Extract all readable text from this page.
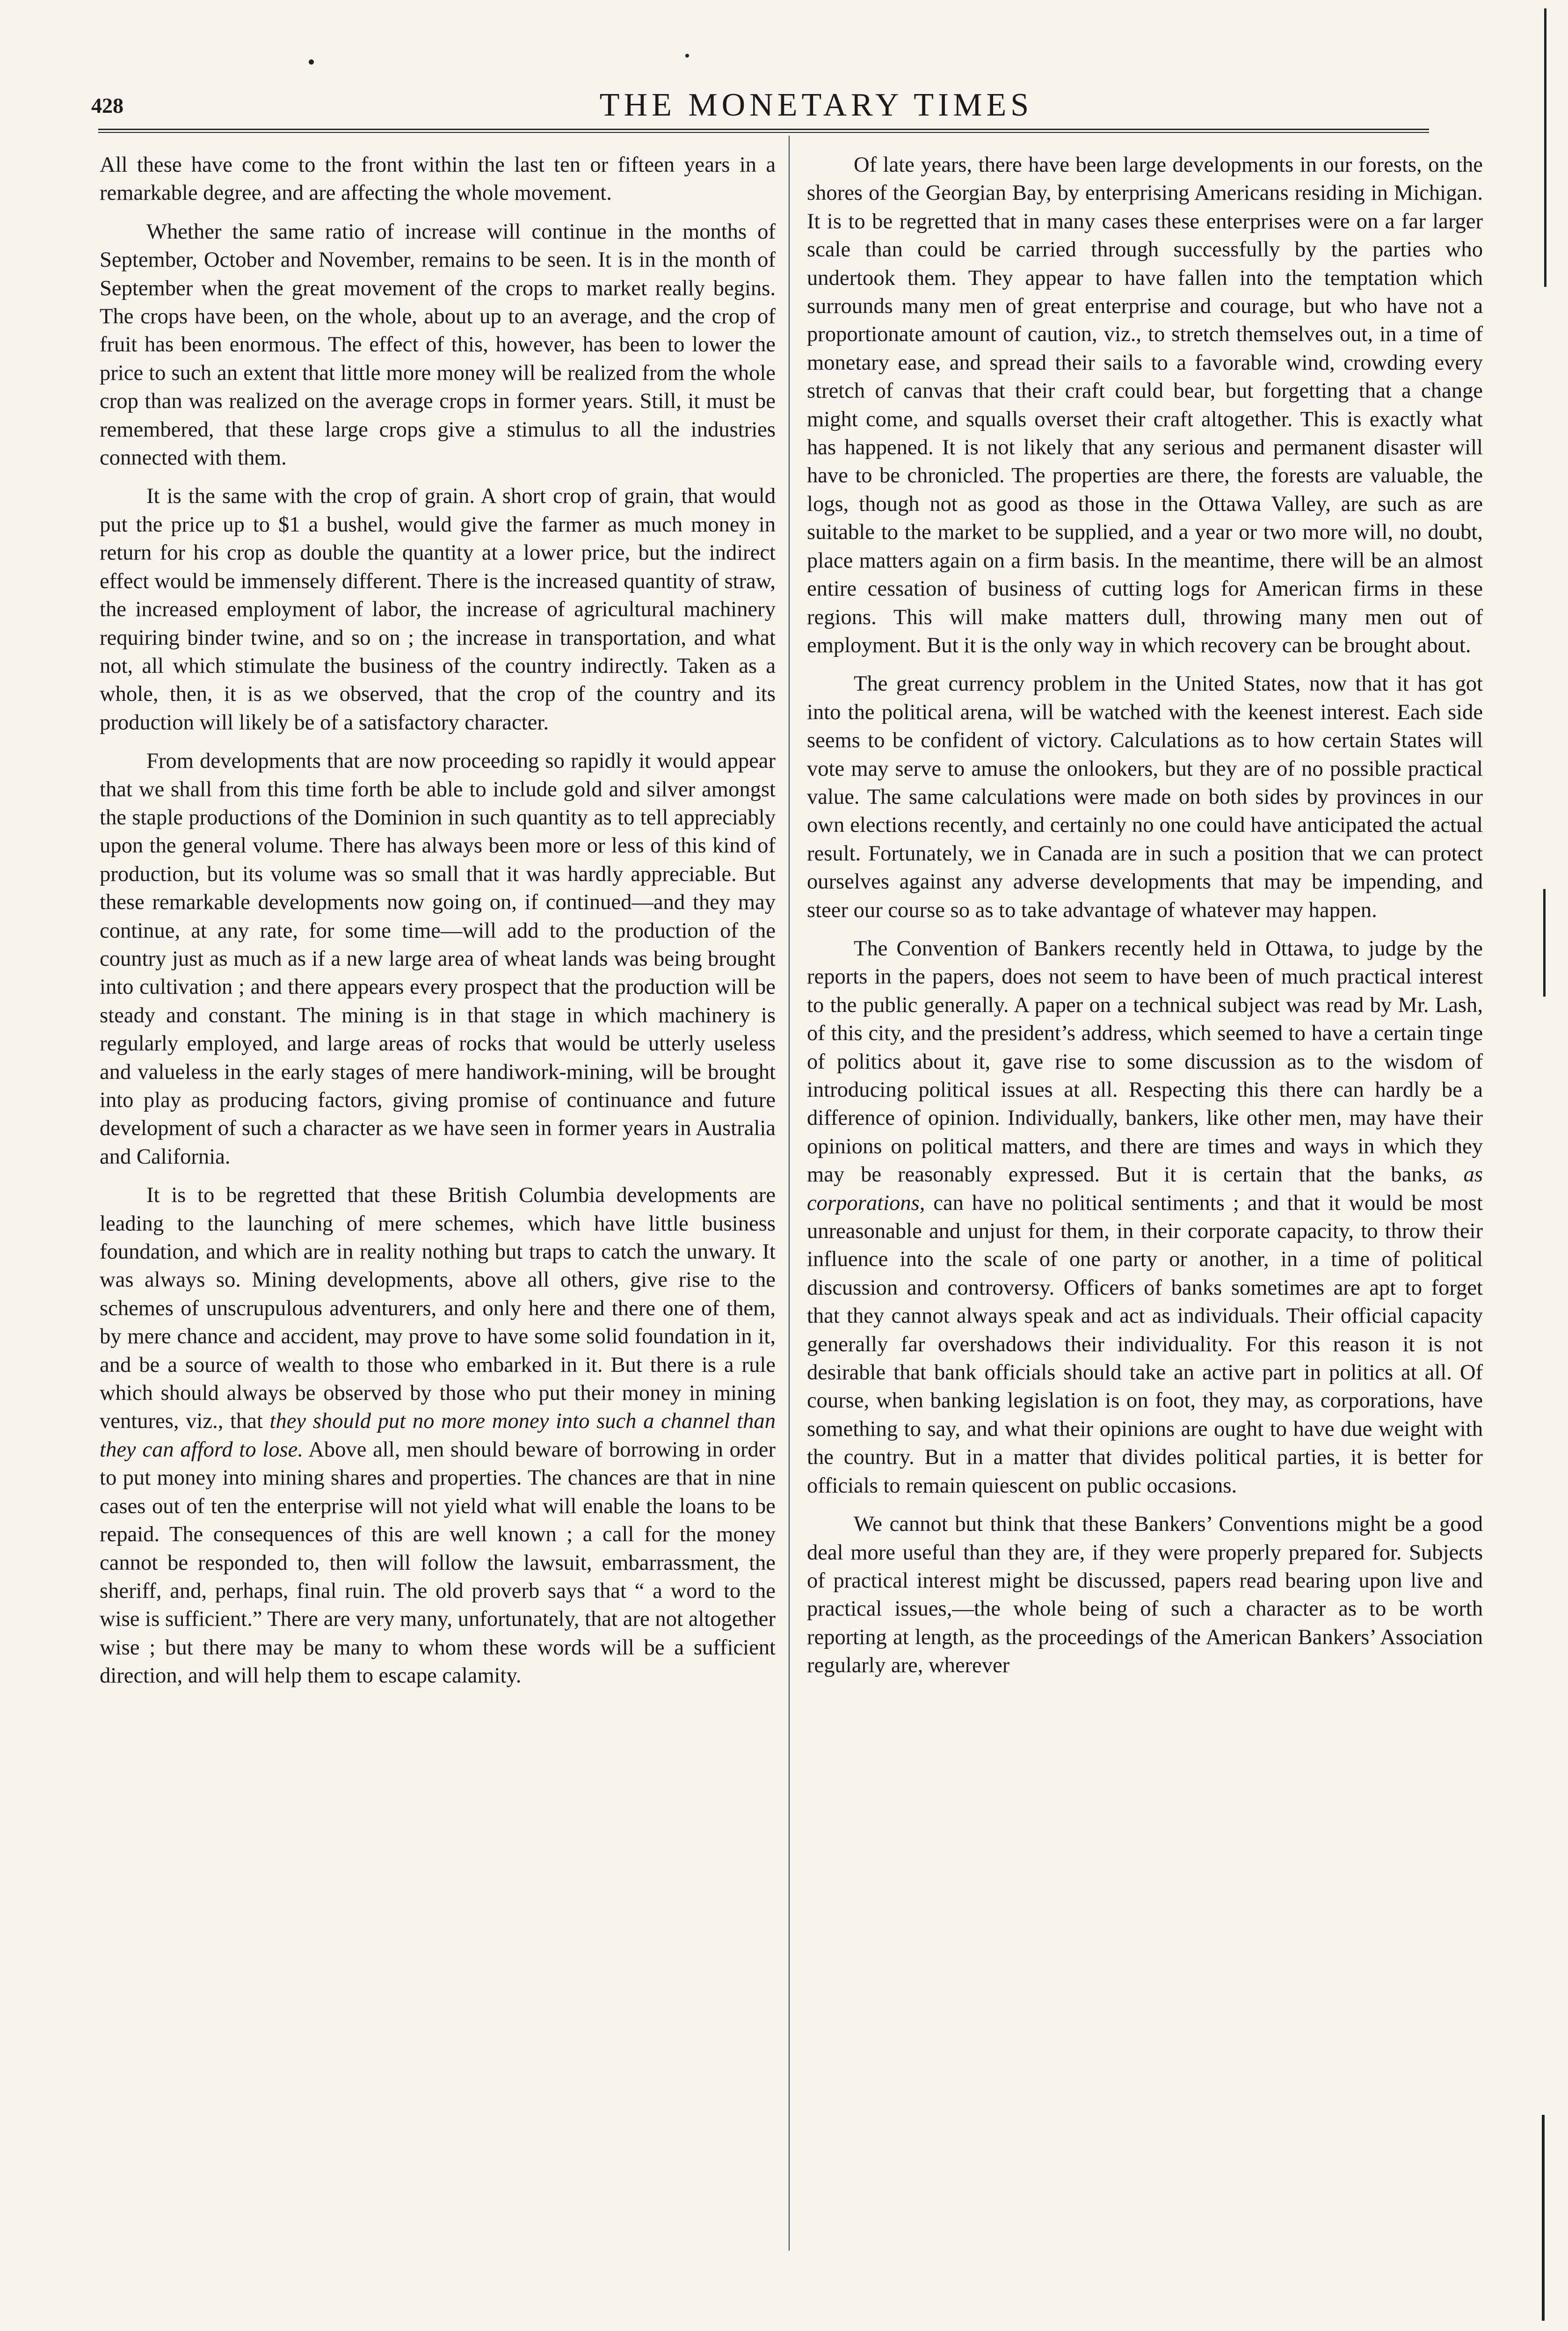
428	THE MONETARY TIMES

All these have come to the front within the last ten or fifteen years in a remarkable degree, and are affecting the whole movement.

Whether the same ratio of increase will continue in the months of September, October and November, remains to be seen. It is in the month of September when the great movement of the crops to market really begins. The crops have been, on the whole, about up to an average, and the crop of fruit has been enormous. The effect of this, however, has been to lower the price to such an extent that little more money will be realized from the whole crop than was realized on the average crops in former years. Still, it must be remembered, that these large crops give a stimulus to all the industries connected with them.

It is the same with the crop of grain. A short crop of grain, that would put the price up to $1 a bushel, would give the farmer as much money in return for his crop as double the quantity at a lower price, but the indirect effect would be immensely different. There is the increased quantity of straw, the increased employment of labor, the increase of agricultural machinery requiring binder twine, and so on ; the increase in transportation, and what not, all which stimulate the business of the country indirectly. Taken as a whole, then, it is as we observed, that the crop of the country and its production will likely be of a satisfactory character.

From developments that are now proceeding so rapidly it would appear that we shall from this time forth be able to include gold and silver amongst the staple productions of the Dominion in such quantity as to tell appreciably upon the general volume. There has always been more or less of this kind of production, but its volume was so small that it was hardly appreciable. But these remarkable developments now going on, if continued—and they may continue, at any rate, for some time—will add to the production of the country just as much as if a new large area of wheat lands was being brought into cultivation ; and there appears every prospect that the production will be steady and constant. The mining is in that stage in which machinery is regularly employed, and large areas of rocks that would be utterly useless and valueless in the early stages of mere handiwork-mining, will be brought into play as producing factors, giving promise of continuance and future development of such a character as we have seen in former years in Australia and California.

It is to be regretted that these British Columbia developments are leading to the launching of mere schemes, which have little business foundation, and which are in reality nothing but traps to catch the unwary. It was always so. Mining developments, above all others, give rise to the schemes of unscrupulous adventurers, and only here and there one of them, by mere chance and accident, may prove to have some solid foundation in it, and be a source of wealth to those who embarked in it. But there is a rule which should always be observed by those who put their money in mining ventures, viz., that they should put no more money into such a channel than they can afford to lose. Above all, men should beware of borrowing in order to put money into mining shares and properties. The chances are that in nine cases out of ten the enterprise will not yield what will enable the loans to be repaid. The consequences of this are well known ; a call for the money cannot be responded to, then will follow the lawsuit, embarrassment, the sheriff, and, perhaps, final ruin. The old proverb says that “ a word to the wise is sufficient.” There are very many, unfortunately, that are not altogether wise ; but there may be many to whom these words will be a sufficient direction, and will help them to escape calamity.

Of late years, there have been large developments in our forests, on the shores of the Georgian Bay, by enterprising Americans residing in Michigan. It is to be regretted that in many cases these enterprises were on a far larger scale than could be carried through successfully by the parties who undertook them. They appear to have fallen into the temptation which surrounds many men of great enterprise and courage, but who have not a proportionate amount of caution, viz., to stretch themselves out, in a time of monetary ease, and spread their sails to a favorable wind, crowding every stretch of canvas that their craft could bear, but forgetting that a change might come, and squalls overset their craft altogether. This is exactly what has happened. It is not likely that any serious and permanent disaster will have to be chronicled. The properties are there, the forests are valuable, the logs, though not as good as those in the Ottawa Valley, are such as are suitable to the market to be supplied, and a year or two more will, no doubt, place matters again on a firm basis. In the meantime, there will be an almost entire cessation of business of cutting logs for American firms in these regions. This will make matters dull, throwing many men out of employment. But it is the only way in which recovery can be brought about.

The great currency problem in the United States, now that it has got into the political arena, will be watched with the keenest interest. Each side seems to be confident of victory. Calculations as to how certain States will vote may serve to amuse the onlookers, but they are of no possible practical value. The same calculations were made on both sides by provinces in our own elections recently, and certainly no one could have anticipated the actual result. Fortunately, we in Canada are in such a position that we can protect ourselves against any adverse developments that may be impending, and steer our course so as to take advantage of whatever may happen.

The Convention of Bankers recently held in Ottawa, to judge by the reports in the papers, does not seem to have been of much practical interest to the public generally. A paper on a technical subject was read by Mr. Lash, of this city, and the president’s address, which seemed to have a certain tinge of politics about it, gave rise to some discussion as to the wisdom of introducing political issues at all. Respecting this there can hardly be a difference of opinion. Individually, bankers, like other men, may have their opinions on political matters, and there are times and ways in which they may be reasonably expressed. But it is certain that the banks, as corporations, can have no political sentiments ; and that it would be most unreasonable and unjust for them, in their corporate capacity, to throw their influence into the scale of one party or another, in a time of political discussion and controversy. Officers of banks sometimes are apt to forget that they cannot always speak and act as individuals. Their official capacity generally far overshadows their individuality. For this reason it is not desirable that bank officials should take an active part in politics at all. Of course, when banking legislation is on foot, they may, as corporations, have something to say, and what their opinions are ought to have due weight with the country. But in a matter that divides political parties, it is better for officials to remain quiescent on public occasions.

We cannot but think that these Bankers’ Conventions might be a good deal more useful than they are, if they were properly prepared for. Subjects of practical interest might be discussed, papers read bearing upon live and practical issues,—the whole being of such a character as to be worth reporting at length, as the proceedings of the American Bankers’ Association regularly are, wherever
